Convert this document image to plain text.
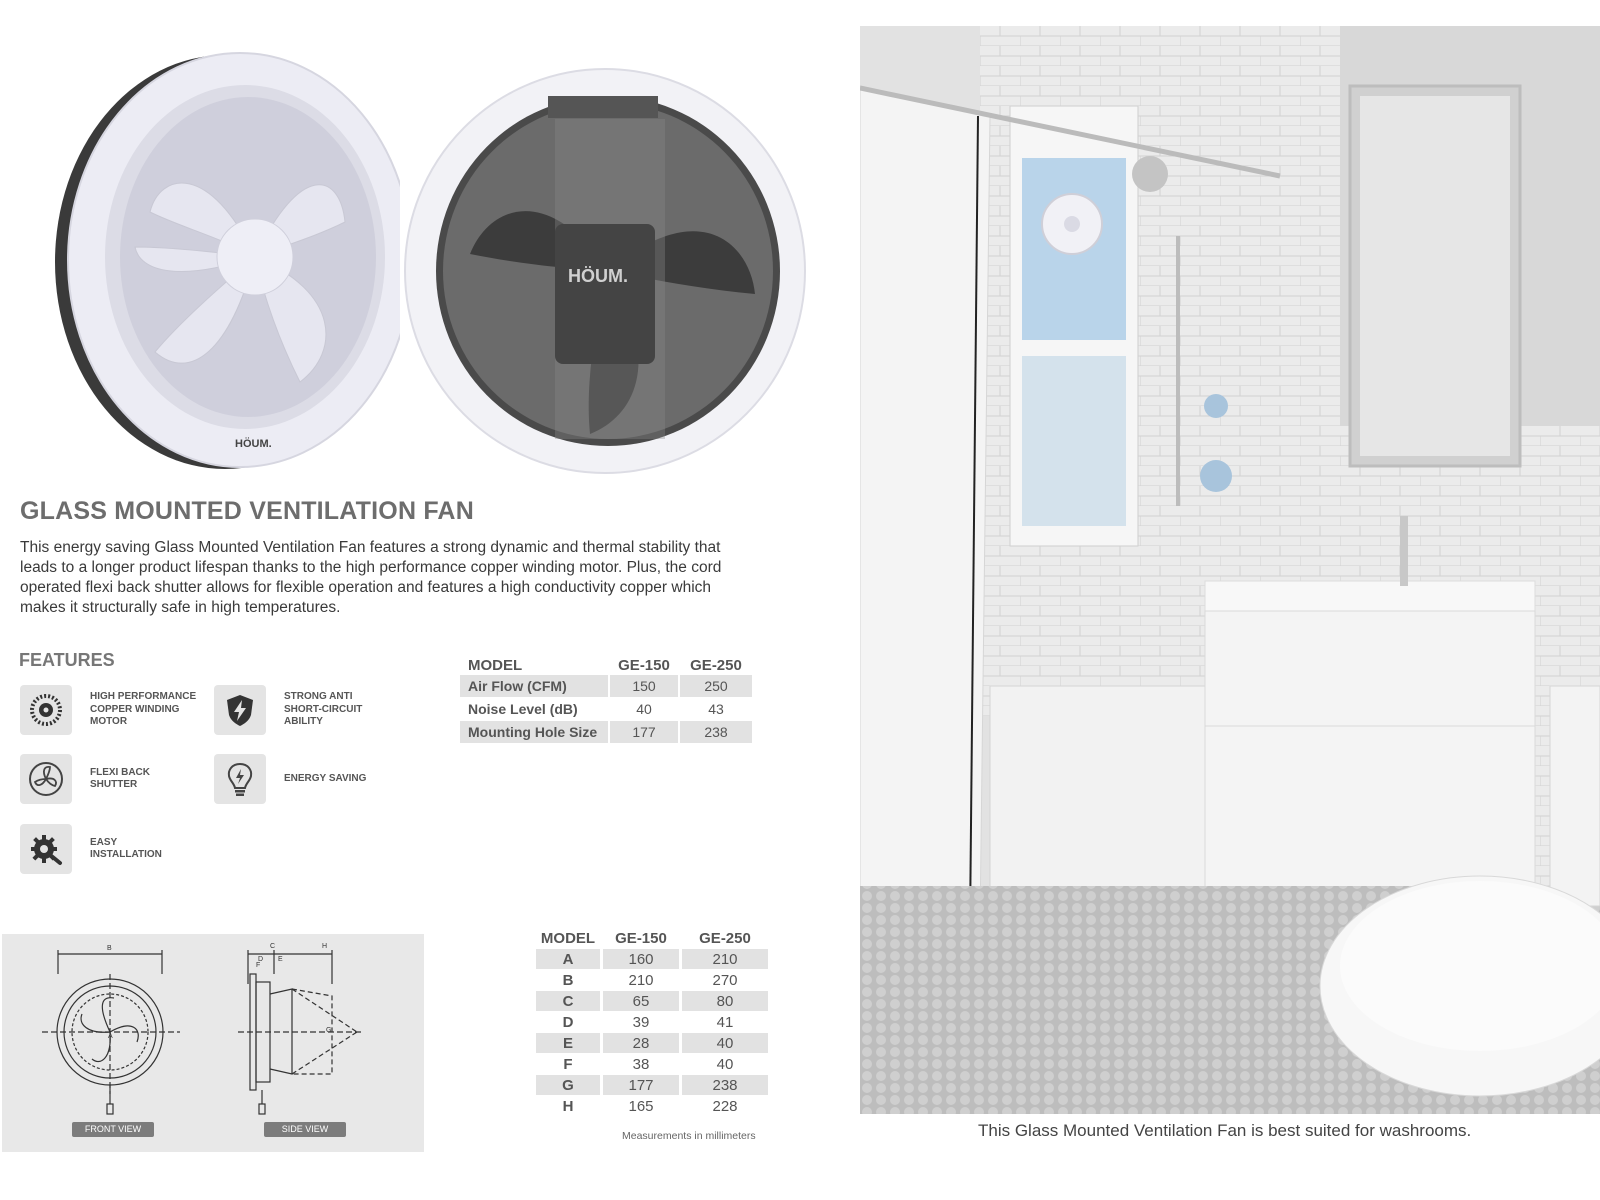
HÖUM.
HÖUM.
GLASS MOUNTED VENTILATION FAN
This energy saving Glass Mounted Ventilation Fan features a strong dynamic and thermal stability that leads to a longer product lifespan thanks to the high performance copper winding motor. Plus, the cord operated flexi back shutter allows for flexible operation and features a high conductivity copper which makes it structurally safe in high temperatures.
FEATURES
HIGH PERFORMANCE
COPPER WINDING
MOTOR
STRONG ANTI
SHORT-CIRCUIT
ABILITY
FLEXI BACK
SHUTTER
ENERGY SAVING
EASY
INSTALLATION
MODEL	GE-150	GE-250
Air Flow (CFM)	150	250
Noise Level (dB)	40	43
Mounting Hole Size	177	238
B	C	H
D E
F
G
A
FRONT VIEW	SIDE VIEW
MODEL	GE-150	GE-250
A	160	210
B	210	270
C	65	80
D	39	41
E	28	40
F	38	40
G	177	238
H	165	228
Measurements in millimeters	This Glass Mounted Ventilation Fan is best suited for washrooms.
